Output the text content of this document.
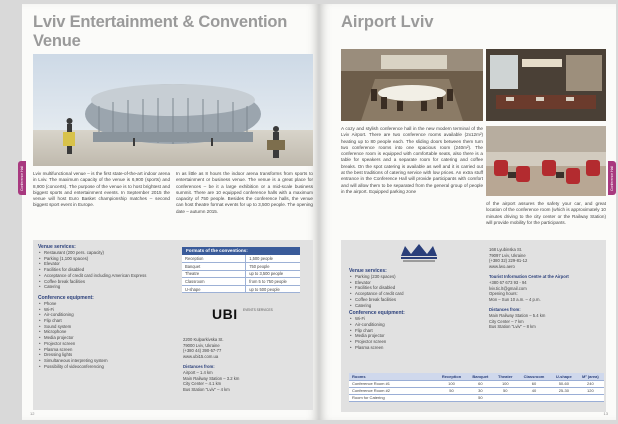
Lviv Entertainment & Convention Venue
Conference Hall	Lviv multifunctional venue – is the first state-of-the-art indoor arena in Lviv. The maximum capacity of the venue is 6,900 (sports) and 8,900 (concerts). The purpose of the venue is to host brightest and biggest sports and entertainment events. In September 2015 the venue will host Euro Basket championship matches – second biggest sport event in Europe.
In as little as 8 hours the indoor arena transforms from sports to entertainment or business venue. The venue is a great place for conferences – be it a large exhibition or a mid-scale business summit. There are 10 equipped conference halls with a maximum capacity of 750 people. Besides the conference halls, the venue can host theatre format events for up to 3,500 people. The opening date – autumn 2015.
Venue services:
• Restaurant (200 pers. capacity)
• Parking (1,100 spaces)
• Elevator
• Facilities for disabled
• Acceptance of credit card including American Express
• Coffee break facilities
• Catering
Conference equipment:
• Phone
• Wi-Fi
• Air-conditioning
• Flip chart
• Sound system
• Microphone
• Media projector
• Projector screen
• Plasma screen
• Dressing lights
• Simultaneous interpreting system
• Possibility of videoconferencing
Formats of the conventions:
Reception	1,500 people
Banquet	750 people
Theatre	up to 3,500 people
Classroom	from 5 to 750 people
U-shape	up to 500 people
UBI EVENTS SERVICES
2200 Kulparkivska St.
79000 Lviv, Ukraine
(+380 44) 390-57-77
www.ubi15.com.ua
Distances from:
Airport – 1.4 km
Main Railway Station – 3.2 km
City Center – 4.1 km
Bus Station "Lviv" – 4 km
12
Airport Lviv
A cozy and stylish conference hall in the new modern terminal of the Lviv Airport. There are two conference rooms available (2x12m²) heating up to 80 people each. The sliding doors between them turn two conference rooms into one spacious room (240m²). The conference room is equipped with comfortable seats, also there is a table for speakers and a separate room for catering and coffee breaks. On the spot catering is available as well and it is carried out at the best traditions of catering service with low prices. An extra stuff entrance in the Conference Hall will provide participants with comfort and will allow them to be separated from the general group of people in the airport. Equipped parking zone
Conference Hall
of the airport assures the safety your car, and great location of the conference room (which is approximately 10 minutes driving to the city center or the Railway Station) will provide mobility for the participants.
Venue services:
• Parking (230 spaces)
• Elevator
• Facilities for disabled
• Acceptance of credit card
• Coffee break facilities
• Catering
Conference equipment:
• Wi-Fi
• Air-conditioning
• Flip chart
• Media projector
• Projector screen
• Plasma screen
168 Lyubinska St.
79097 Lviv, Ukraine
(+380 32) 229-81-12
www.lwo.aero
Tourist Information Centre at the Airport
+380 67 673 93 - 94
lviv.tic.lt@gmail.com
Opening hours:
Mon – Sun 10 a.m. – 4 p.m.
Distances from:
Main Railway Station – 5.4 km
City Center – 7 km
Bus Station "Lviv" – 8 km
Rooms	Reception	Banquet	Theater	Classroom	U-shape	M² (area)
Conference Room #1	100	60	100	60	50-60	240
Conference Room #2	50	30	50	40	25-30	120
Room for Catering		50				
13
